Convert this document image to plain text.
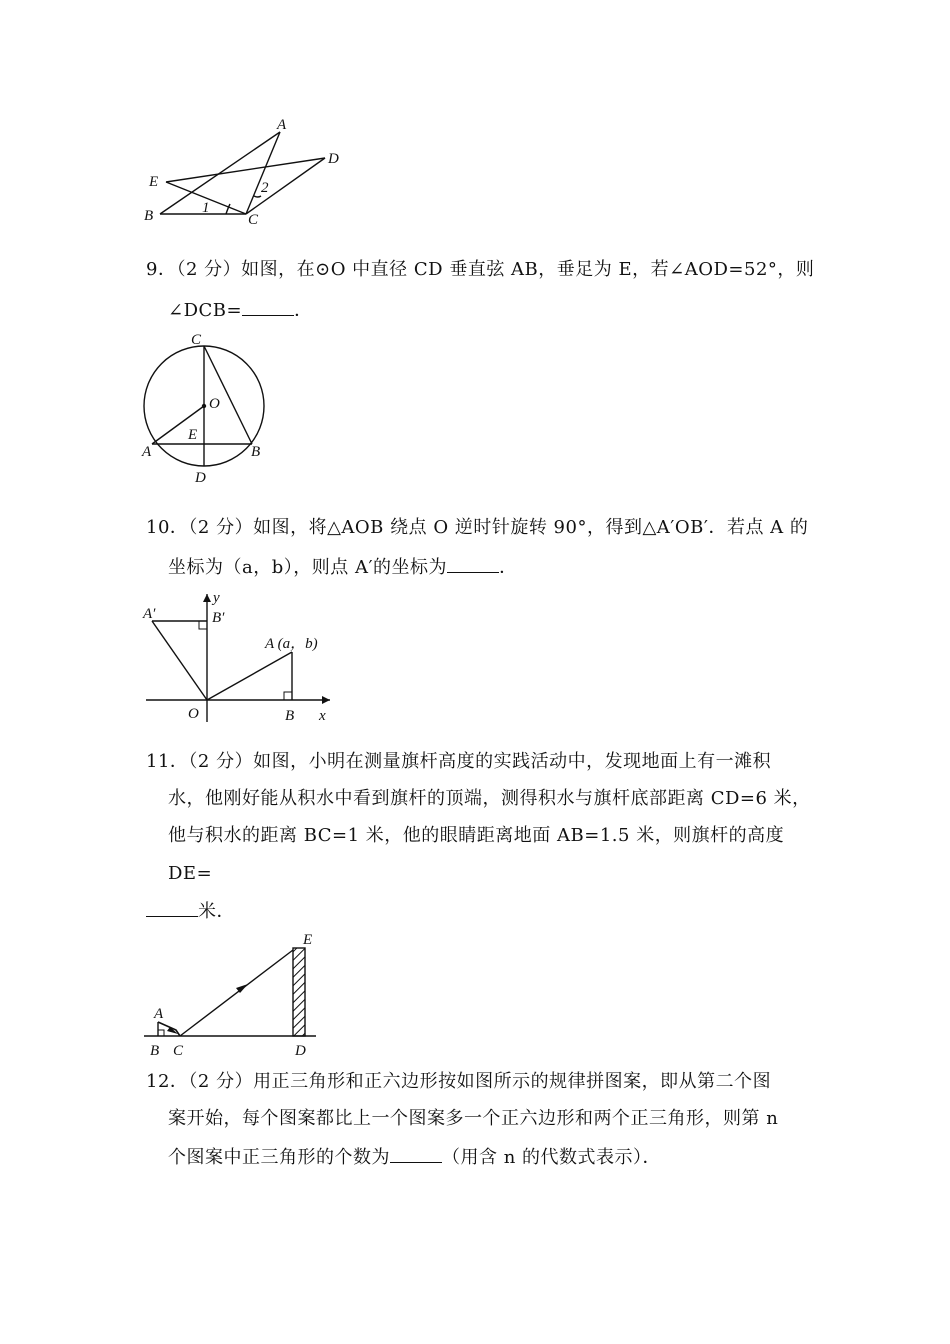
A
D
E
B	C
1
2
9．（2 分）如图，在⊙O 中直径 CD 垂直弦 AB，垂足为 E，若∠AOD=52°，则
∠DCB=	．
C
O
E
A	B
D
10．（2 分）如图，将△AOB 绕点 O 逆时针旋转 90°，得到△A′OB′．若点 A 的
坐标为（a，b），则点 A′的坐标为	．
y
A′	B′
A (a，b)
O	B x
11．（2 分）如图，小明在测量旗杆高度的实践活动中，发现地面上有一滩积
水，他刚好能从积水中看到旗杆的顶端，测得积水与旗杆底部距离 CD=6 米，
他与积水的距离 BC=1 米，他的眼睛距离地面 AB=1.5 米，则旗杆的高度
DE=
米．
E
A
B C	D
12．（2 分）用正三角形和正六边形按如图所示的规律拼图案，即从第二个图
案开始，每个图案都比上一个图案多一个正六边形和两个正三角形，则第 n
个图案中正三角形的个数为	（用含 n 的代数式表示）．
